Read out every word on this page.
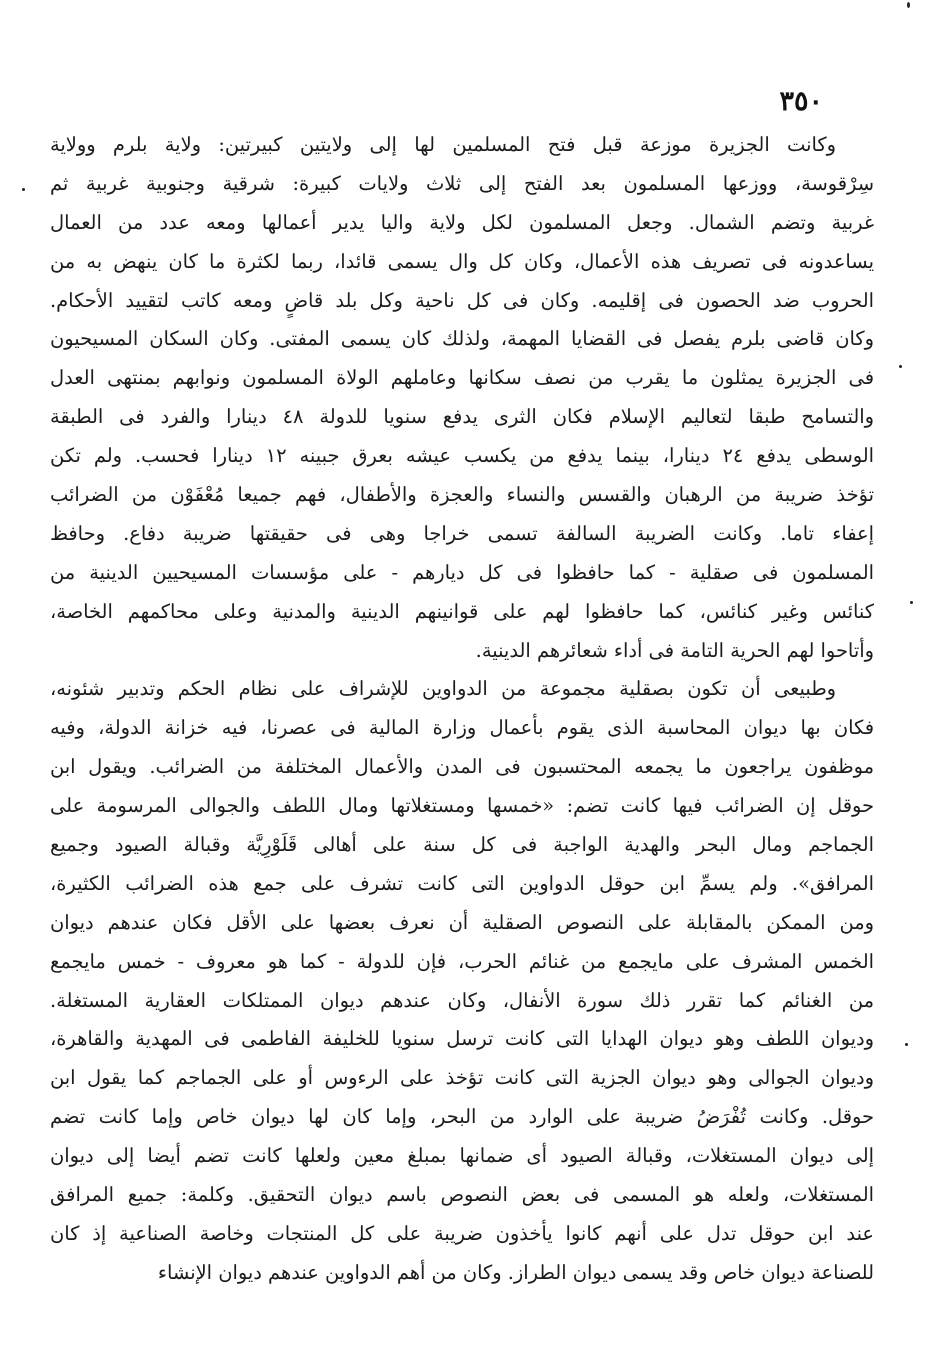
٣٥٠
وكانت الجزيرة موزعة قبل فتح المسلمين لها إلى ولايتين كبيرتين: ولاية بلرم وولاية
سِرْقوسة، ووزعها المسلمون بعد الفتح إلى ثلاث ولايات كبيرة: شرقية وجنوبية غربية ثم
غربية وتضم الشمال. وجعل المسلمون لكل ولاية واليا يدير أعمالها ومعه عدد من العمال
يساعدونه فى تصريف هذه الأعمال، وكان كل وال يسمى قائدا، ربما لكثرة ما كان ينهض به من
الحروب ضد الحصون فى إقليمه. وكان فى كل ناحية وكل بلد قاضٍ ومعه كاتب لتقييد الأحكام.
وكان قاضى بلرم يفصل فى القضايا المهمة، ولذلك كان يسمى المفتى. وكان السكان المسيحيون
فى الجزيرة يمثلون ما يقرب من نصف سكانها وعاملهم الولاة المسلمون ونوابهم بمنتهى العدل
والتسامح طبقا لتعاليم الإسلام فكان الثرى يدفع سنويا للدولة ٤٨ دينارا والفرد فى الطبقة
الوسطى يدفع ٢٤ دينارا، بينما يدفع من يكسب عيشه بعرق جبينه ١٢ دينارا فحسب. ولم تكن
تؤخذ ضريبة من الرهبان والقسس والنساء والعجزة والأطفال، فهم جميعا مُعْفَوْن من الضرائب
إعفاء تاما. وكانت الضريبة السالفة تسمى خراجا وهى فى حقيقتها ضريبة دفاع. وحافظ
المسلمون فى صقلية - كما حافظوا فى كل ديارهم - على مؤسسات المسيحيين الدينية من
كنائس وغير كنائس، كما حافظوا لهم على قوانينهم الدينية والمدنية وعلى محاكمهم الخاصة،
وأتاحوا لهم الحرية التامة فى أداء شعائرهم الدينية.
وطبيعى أن تكون بصقلية مجموعة من الدواوين للإشراف على نظام الحكم وتدبير شئونه،
فكان بها ديوان المحاسبة الذى يقوم بأعمال وزارة المالية فى عصرنا، فيه خزانة الدولة، وفيه
موظفون يراجعون ما يجمعه المحتسبون فى المدن والأعمال المختلفة من الضرائب. ويقول ابن
حوقل إن الضرائب فيها كانت تضم: «خمسها ومستغلاتها ومال اللطف والجوالى المرسومة على
الجماجم ومال البحر والهدية الواجبة فى كل سنة على أهالى قَلَوْرِيَّة وقبالة الصيود وجميع
المرافق». ولم يسمِّ ابن حوقل الدواوين التى كانت تشرف على جمع هذه الضرائب الكثيرة،
ومن الممكن بالمقابلة على النصوص الصقلية أن نعرف بعضها على الأقل فكان عندهم ديوان
الخمس المشرف على مايجمع من غنائم الحرب، فإن للدولة - كما هو معروف - خمس مايجمع
من الغنائم كما تقرر ذلك سورة الأنفال، وكان عندهم ديوان الممتلكات العقارية المستغلة.
وديوان اللطف وهو ديوان الهدايا التى كانت ترسل سنويا للخليفة الفاطمى فى المهدية والقاهرة،
وديوان الجوالى وهو ديوان الجزية التى كانت تؤخذ على الرءوس أو على الجماجم كما يقول ابن
حوقل. وكانت تُفْرَضُ ضريبة على الوارد من البحر، وإما كان لها ديوان خاص وإما كانت تضم
إلى ديوان المستغلات، وقبالة الصيود أى ضمانها بمبلغ معين ولعلها كانت تضم أيضا إلى ديوان
المستغلات، ولعله هو المسمى فى بعض النصوص باسم ديوان التحقيق. وكلمة: جميع المرافق
عند ابن حوقل تدل على أنهم كانوا يأخذون ضريبة على كل المنتجات وخاصة الصناعية إذ كان
للصناعة ديوان خاص وقد يسمى ديوان الطراز. وكان من أهم الدواوين عندهم ديوان الإنشاء
